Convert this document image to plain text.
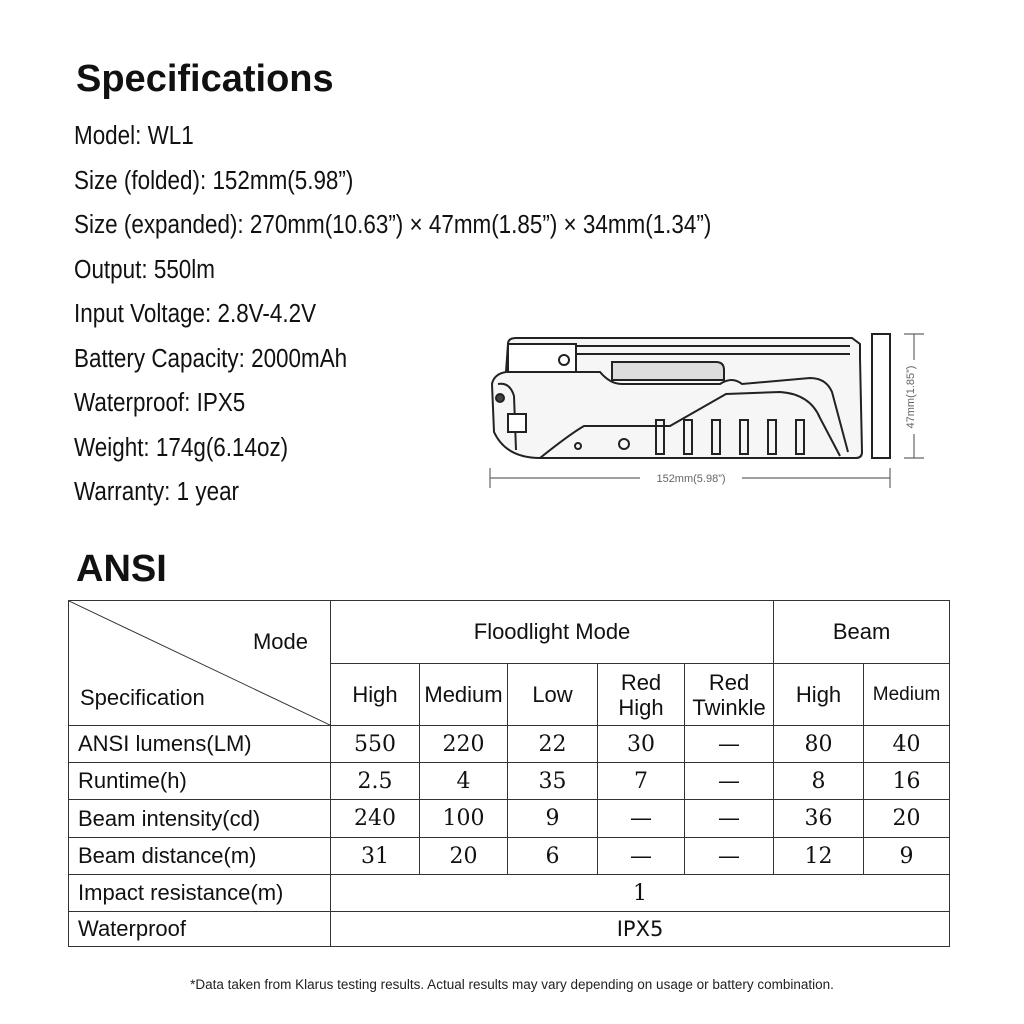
Specifications
Model: WL1
Size (folded): 152mm(5.98”)
Size (expanded): 270mm(10.63”) × 47mm(1.85”) × 34mm(1.34”)
Output: 550lm
Input Voltage: 2.8V-4.2V
Battery Capacity: 2000mAh
Waterproof: IPX5
Weight: 174g(6.14oz)
Warranty: 1 year	152mm(5.98”)
47mm(1.85”)
ANSI
Mode
Specification	Floodlight Mode					Beam	
	High	Medium	Low	Red High	Red Twinkle	High	Medium
ANSI lumens(LM)	550	220	22	30	—	80	40
Runtime(h)	2.5	4	35	7	—	8	16
Beam intensity(cd)	240	100	9	—	—	36	20
Beam distance(m)	31	20	6	—	—	12	9
Impact resistance(m)	1						
Waterproof	IPX5						
*Data taken from Klarus testing results. Actual results may vary depending on usage or battery combination.
